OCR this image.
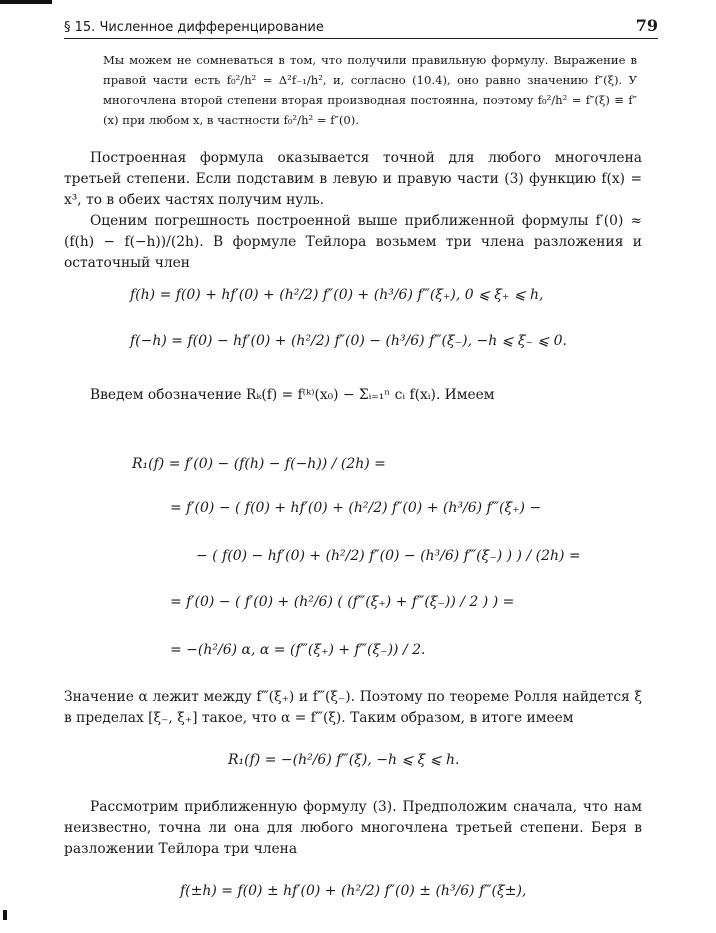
§ 15. Численное дифференцирование	79

Мы можем не сомневаться в том, что получили правильную формулу. Выражение в правой части есть f₀²/h² = Δ²f₋₁/h², и, согласно (10.4), оно равно значению f″(ξ). У многочлена второй степени вторая производная постоянна, поэтому f₀²/h² = f″(ξ) ≡ f″(x) при любом x, в частности f₀²/h² = f″(0).

Построенная формула оказывается точной для любого многочлена третьей степени. Если подставим в левую и правую части (3) функцию f(x) = x³, то в обеих частях получим нуль.

Оценим погрешность построенной выше приближенной формулы f′(0) ≈ (f(h) − f(−h))/(2h). В формуле Тейлора возьмем три члена разложения и остаточный член

f(h) = f(0) + hf′(0) + (h²/2) f″(0) + (h³/6) f‴(ξ₊), 0 ⩽ ξ₊ ⩽ h,
f(−h) = f(0) − hf′(0) + (h²/2) f″(0) − (h³/6) f‴(ξ₋), −h ⩽ ξ₋ ⩽ 0.

Введем обозначение Rₖ(f) = f⁽ᵏ⁾(x₀) − Σᵢ₌₁ⁿ cᵢ f(xᵢ). Имеем

R₁(f) = f′(0) − (f(h) − f(−h)) / (2h) =
= f′(0) − ( f(0) + hf′(0) + (h²/2) f″(0) + (h³/6) f‴(ξ₊) −
− ( f(0) − hf′(0) + (h²/2) f″(0) − (h³/6) f‴(ξ₋) ) ) / (2h) =
= f′(0) − ( f′(0) + (h²/6) ( (f‴(ξ₊) + f‴(ξ₋)) / 2 ) ) =
= −(h²/6) α, α = (f‴(ξ₊) + f‴(ξ₋)) / 2.

Значение α лежит между f‴(ξ₊) и f‴(ξ₋). Поэтому по теореме Ролля найдется ξ в пределах [ξ₋, ξ₊] такое, что α = f‴(ξ). Таким образом, в итоге имеем

R₁(f) = −(h²/6) f‴(ξ), −h ⩽ ξ ⩽ h.

Рассмотрим приближенную формулу (3). Предположим сначала, что нам неизвестно, точна ли она для любого многочлена третьей степени. Беря в разложении Тейлора три члена

f(±h) = f(0) ± hf′(0) + (h²/2) f″(0) ± (h³/6) f‴(ξ±),
